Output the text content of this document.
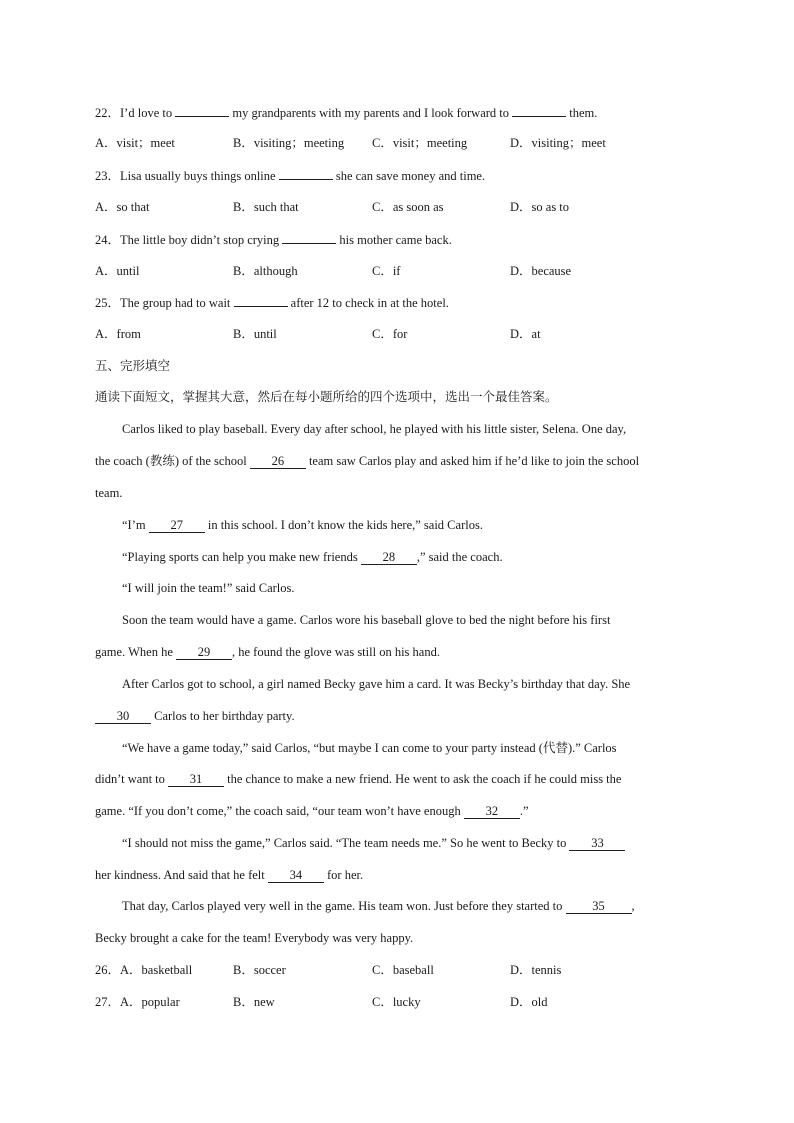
22．I’d love to	my grandparents with my parents and I look forward to	them.
A．visit；meet	B．visiting；meeting C．visit；meeting	D．visiting；meet
23．Lisa usually buys things online	she can save money and time.
A．so that	B．such that	C．as soon as	D．so as to
24．The little boy didn’t stop crying	his mother came back.
A．until	B．although	C．if	D．because
25．The group had to wait	after 12 to check in at the hotel.
A．from	B．until	C．for	D．at
五、完形填空
通读下面短文，掌握其大意，然后在每小题所给的四个选项中，选出一个最佳答案。
Carlos liked to play baseball. Every day after school, he played with his little sister, Selena. One day,
the coach (教练) of the school 26 team saw Carlos play and asked him if he’d like to join the school
team.
“I’m 27 in this school. I don’t know the kids here,” said Carlos.
“Playing sports can help you make new friends 28 ,” said the coach.
“I will join the team!” said Carlos.
Soon the team would have a game. Carlos wore his baseball glove to bed the night before his first
game. When he 29 , he found the glove was still on his hand.
After Carlos got to school, a girl named Becky gave him a card. It was Becky’s birthday that day. She
30 Carlos to her birthday party.
“We have a game today,” said Carlos, “but maybe I can come to your party instead (代替).” Carlos
didn’t want to 31 the chance to make a new friend. He went to ask the coach if he could miss the
game. “If you don’t come,” the coach said, “our team won’t have enough 32 .”
“I should not miss the game,” Carlos said. “The team needs me.” So he went to Becky to 33
her kindness. And said that he felt 34 for her.
That day, Carlos played very well in the game. His team won. Just before they started to 35 ,
Becky brought a cake for the team! Everybody was very happy.
26．A．basketball	B．soccer	C．baseball	D．tennis
27．A．popular	B．new	C．lucky	D．old
